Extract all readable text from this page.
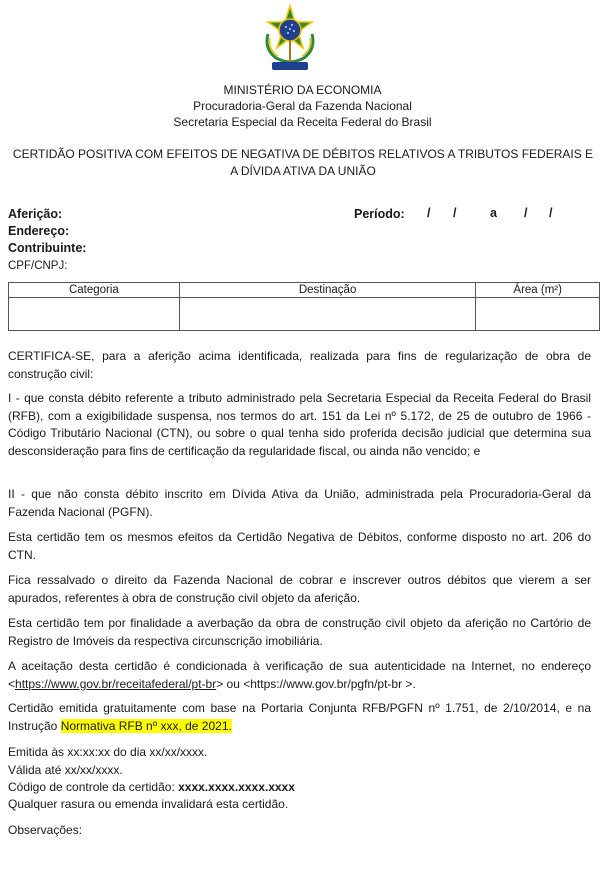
MINISTÉRIO DA ECONOMIA
Procuradoria-Geral da Fazenda Nacional
Secretaria Especial da Receita Federal do Brasil
CERTIDÃO POSITIVA COM EFEITOS DE NEGATIVA DE DÉBITOS RELATIVOS A TRIBUTOS FEDERAIS E
A DÍVIDA ATIVA DA UNIÃO
Aferição:	Período: / /	a / /
Endereço:
Contribuinte:
CPF/CNPJ:
Categoria	Destinação	Área (m²)

CERTIFICA-SE, para a aferição acima identificada, realizada para fins de regularização de obra de construção civil:
I - que consta débito referente a tributo administrado pela Secretaria Especial da Receita Federal do Brasil (RFB), com a exigibilidade suspensa, nos termos do art. 151 da Lei nº 5.172, de 25 de outubro de 1966 - Código Tributário Nacional (CTN), ou sobre o qual tenha sido proferida decisão judicial que determina sua desconsideração para fins de certificação da regularidade fiscal, ou ainda não vencido; e
II - que não consta débito inscrito em Dívida Ativa da União, administrada pela Procuradoria-Geral da Fazenda Nacional (PGFN).
Esta certidão tem os mesmos efeitos da Certidão Negativa de Débitos, conforme disposto no art. 206 do CTN.
Fica ressalvado o direito da Fazenda Nacional de cobrar e inscrever outros débitos que vierem a ser apurados, referentes à obra de construção civil objeto da aferição.
Esta certidão tem por finalidade a averbação da obra de construção civil objeto da aferição no Cartório de Registro de Imóveis da respectiva circunscrição imobiliária.
A aceitação desta certidão é condicionada à verificação de sua autenticidade na Internet, no endereço <https://www.gov.br/receitafederal/pt-br> ou <https://www.gov.br/pgfn/pt-br >.
Certidão emitida gratuitamente com base na Portaria Conjunta RFB/PGFN nº 1.751, de 2/10/2014, e na Instrução Normativa RFB nº xxx, de 2021.
Emitida às xx:xx:xx do dia xx/xx/xxxx.
Válida até xx/xx/xxxx.
Código de controle da certidão: xxxx.xxxx.xxxx.xxxx
Qualquer rasura ou emenda invalidará esta certidão.
Observações:
